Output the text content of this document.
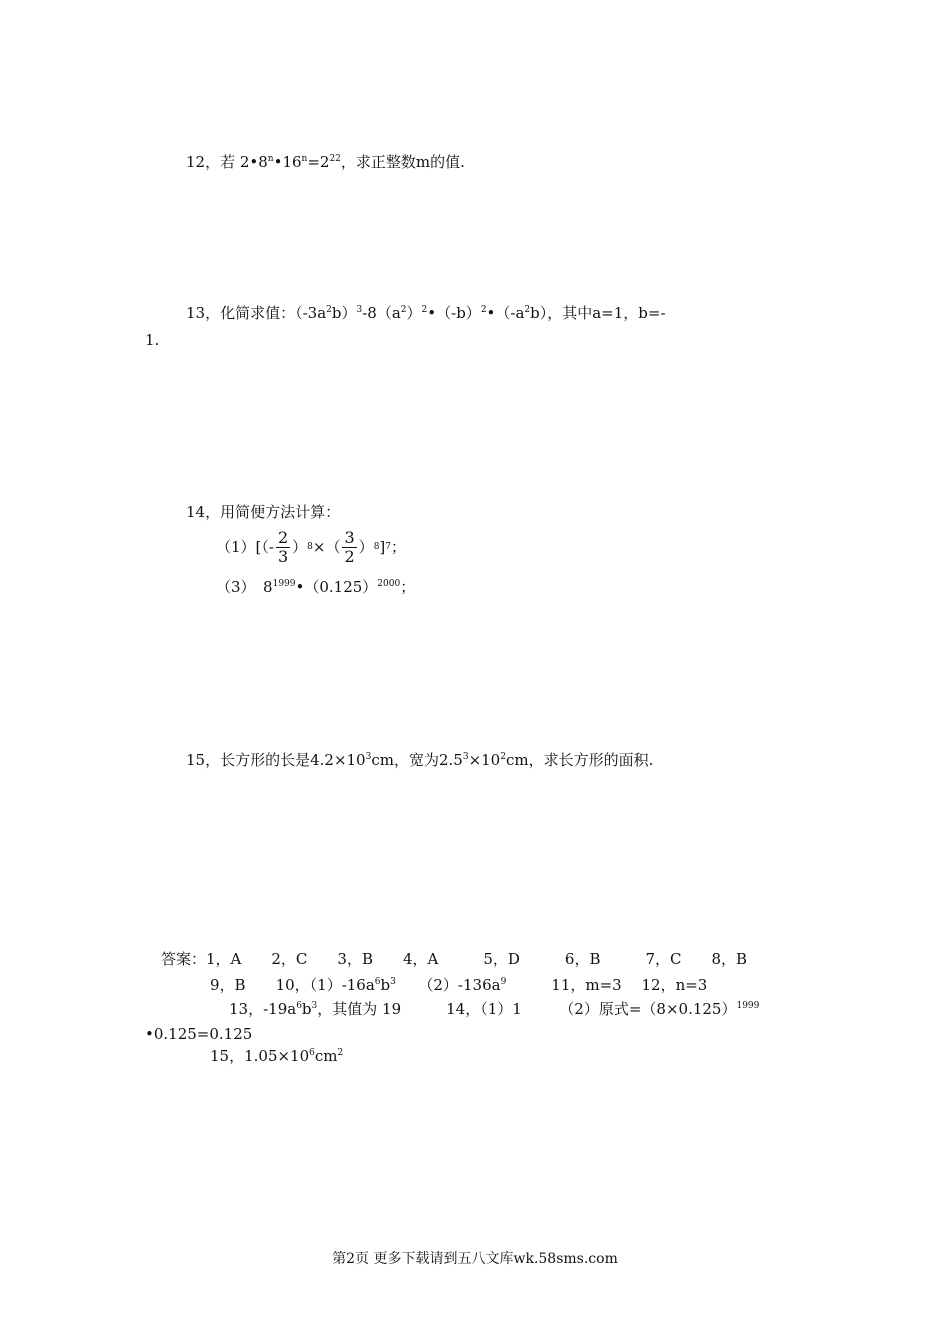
12，若 $2•8^n•16^n=2^{22}$，求正整数m的值.
13，化简求值：$(-3a^2b)^3-8(a^2)^2•(-b)^2•(-a^2b)$，其中a=1，b=-
1.
14，用简便方法计算：
$(1)[(- \frac{2}{3}$ ） 8 ×（ $\frac{3}{2}$ ） 8 ] 7 ；
（3）　$8^{1999}•(0.125)^{2000}$；
15，长方形的长是$4.2\times 10^3cm$，宽为$2.5^3\times 10^2cm$，求长方形的面积.
答案：1，A　　2，C　　3，B　　4，A　　　5，D　　　6，B　　　7，C　　8，B
9，B　　10，$(1)-16a^6b^3$　　$(2)-136a^9$　　　11，m=3　 12，n=3
13，$-19a^6b^3$，其值为 19　　　14，（1）1　　　（2）原式$=(8\times 0.125)^{1999}$
•0.125=0.125
15，$1.05\times 10^6cm^2$
第2页 更多下载请到五八文库wk.58sms.com
